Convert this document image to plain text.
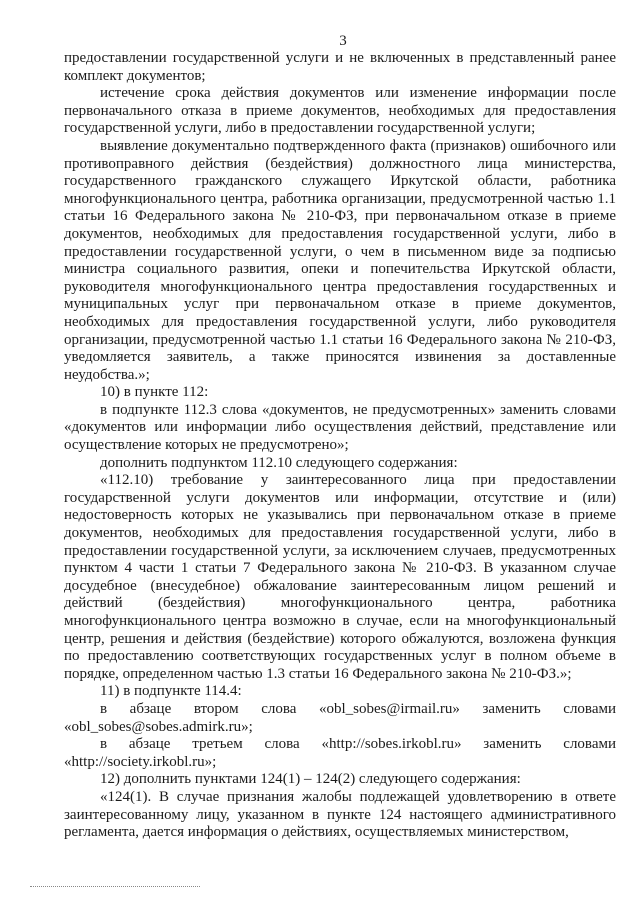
3

предоставлении государственной услуги и не включенных в представленный ранее комплект документов;

истечение срока действия документов или изменение информации после первоначального отказа в приеме документов, необходимых для предоставления государственной услуги, либо в предоставлении государственной услуги;

выявление документально подтвержденного факта (признаков) ошибочного или противоправного действия (бездействия) должностного лица министерства, государственного гражданского служащего Иркутской области, работника многофункционального центра, работника организации, предусмотренной частью 1.1 статьи 16 Федерального закона № 210-ФЗ, при первоначальном отказе в приеме документов, необходимых для предоставления государственной услуги, либо в предоставлении государственной услуги, о чем в письменном виде за подписью министра социального развития, опеки и попечительства Иркутской области, руководителя многофункционального центра предоставления государственных и муниципальных услуг при первоначальном отказе в приеме документов, необходимых для предоставления государственной услуги, либо руководителя организации, предусмотренной частью 1.1 статьи 16 Федерального закона № 210-ФЗ, уведомляется заявитель, а также приносятся извинения за доставленные неудобства.»;

10) в пункте 112:

в подпункте 112.3 слова «документов, не предусмотренных» заменить словами «документов или информации либо осуществления действий, представление или осуществление которых не предусмотрено»;

дополнить подпунктом 112.10 следующего содержания:

«112.10) требование у заинтересованного лица при предоставлении государственной услуги документов или информации, отсутствие и (или) недостоверность которых не указывались при первоначальном отказе в приеме документов, необходимых для предоставления государственной услуги, либо в предоставлении государственной услуги, за исключением случаев, предусмотренных пунктом 4 части 1 статьи 7 Федерального закона № 210-ФЗ. В указанном случае досудебное (внесудебное) обжалование заинтересованным лицом решений и действий (бездействия) многофункционального центра, работника многофункционального центра возможно в случае, если на многофункциональный центр, решения и действия (бездействие) которого обжалуются, возложена функция по предоставлению соответствующих государственных услуг в полном объеме в порядке, определенном частью 1.3 статьи 16 Федерального закона № 210-ФЗ.»;

11) в подпункте 114.4:

в абзаце втором слова «obl_sobes@irmail.ru» заменить словами «obl_sobes@sobes.admirk.ru»;

в абзаце третьем слова «http://sobes.irkobl.ru» заменить словами «http://society.irkobl.ru»;

12) дополнить пунктами 124(1) – 124(2) следующего содержания:

«124(1). В случае признания жалобы подлежащей удовлетворению в ответе заинтересованному лицу, указанном в пункте 124 настоящего административного регламента, дается информация о действиях, осуществляемых министерством,
